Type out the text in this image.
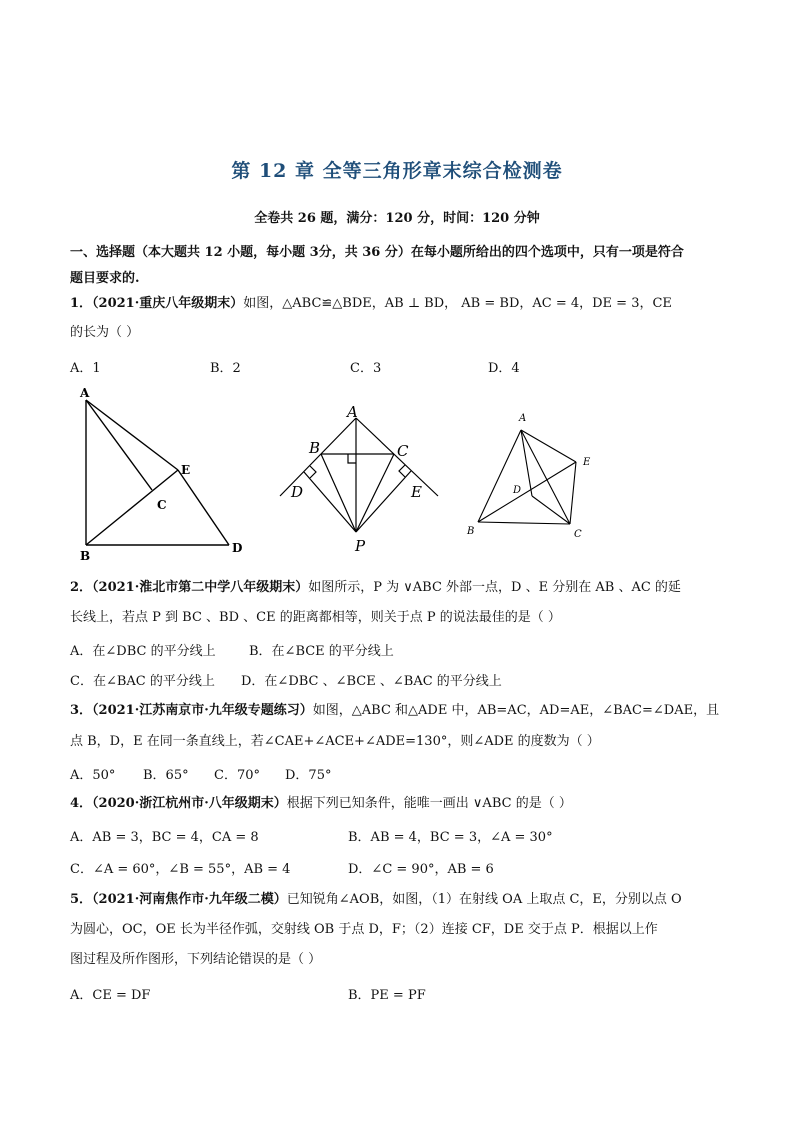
第 12 章 全等三角形章末综合检测卷
全卷共 26 题，满分：120 分，时间：120 分钟
一、选择题（本大题共 12 小题，每小题 3分，共 36 分）在每小题所给出的四个选项中，只有一项是符合
题目要求的.
1．（2021·重庆八年级期末）如图，△ABC≌△BDE，AB ⊥ BD， AB = BD，AC = 4，DE = 3，CE
的长为（ ）
A．1	B．2	C．3	D．4
A
B
C
D
E
A
B	C
D	E
P
A
B	C
D
E
2．（2021·淮北市第二中学八年级期末）如图所示，P 为 ∨ABC 外部一点，D 、E 分别在 AB 、AC 的延
长线上，若点 P 到 BC 、BD 、CE 的距离都相等，则关于点 P 的说法最佳的是（ ）
A．在∠DBC 的平分线上	B．在∠BCE 的平分线上
C．在∠BAC 的平分线上 D．在∠DBC 、∠BCE 、∠BAC 的平分线上
3．（2021·江苏南京市·九年级专题练习）如图，△ABC 和△ADE 中，AB=AC，AD=AE，∠BAC=∠DAE，且
点 B，D，E 在同一条直线上，若∠CAE+∠ACE+∠ADE=130°，则∠ADE 的度数为（ ）
A．50° B．65° C．70° D．75°
4．（2020·浙江杭州市·八年级期末）根据下列已知条件，能唯一画出 ∨ABC 的是（ ）
A．AB = 3，BC = 4，CA = 8	B．AB = 4，BC = 3，∠A = 30°
C．∠A = 60°，∠B = 55°，AB = 4	D．∠C = 90°，AB = 6
5．（2021·河南焦作市·九年级二模）已知锐角∠AOB，如图，（1）在射线 OA 上取点 C，E，分别以点 O
为圆心，OC，OE 长为半径作弧，交射线 OB 于点 D，F；（2）连接 CF，DE 交于点 P．根据以上作
图过程及所作图形，下列结论错误的是（ ）
A．CE = DF	B．PE = PF
